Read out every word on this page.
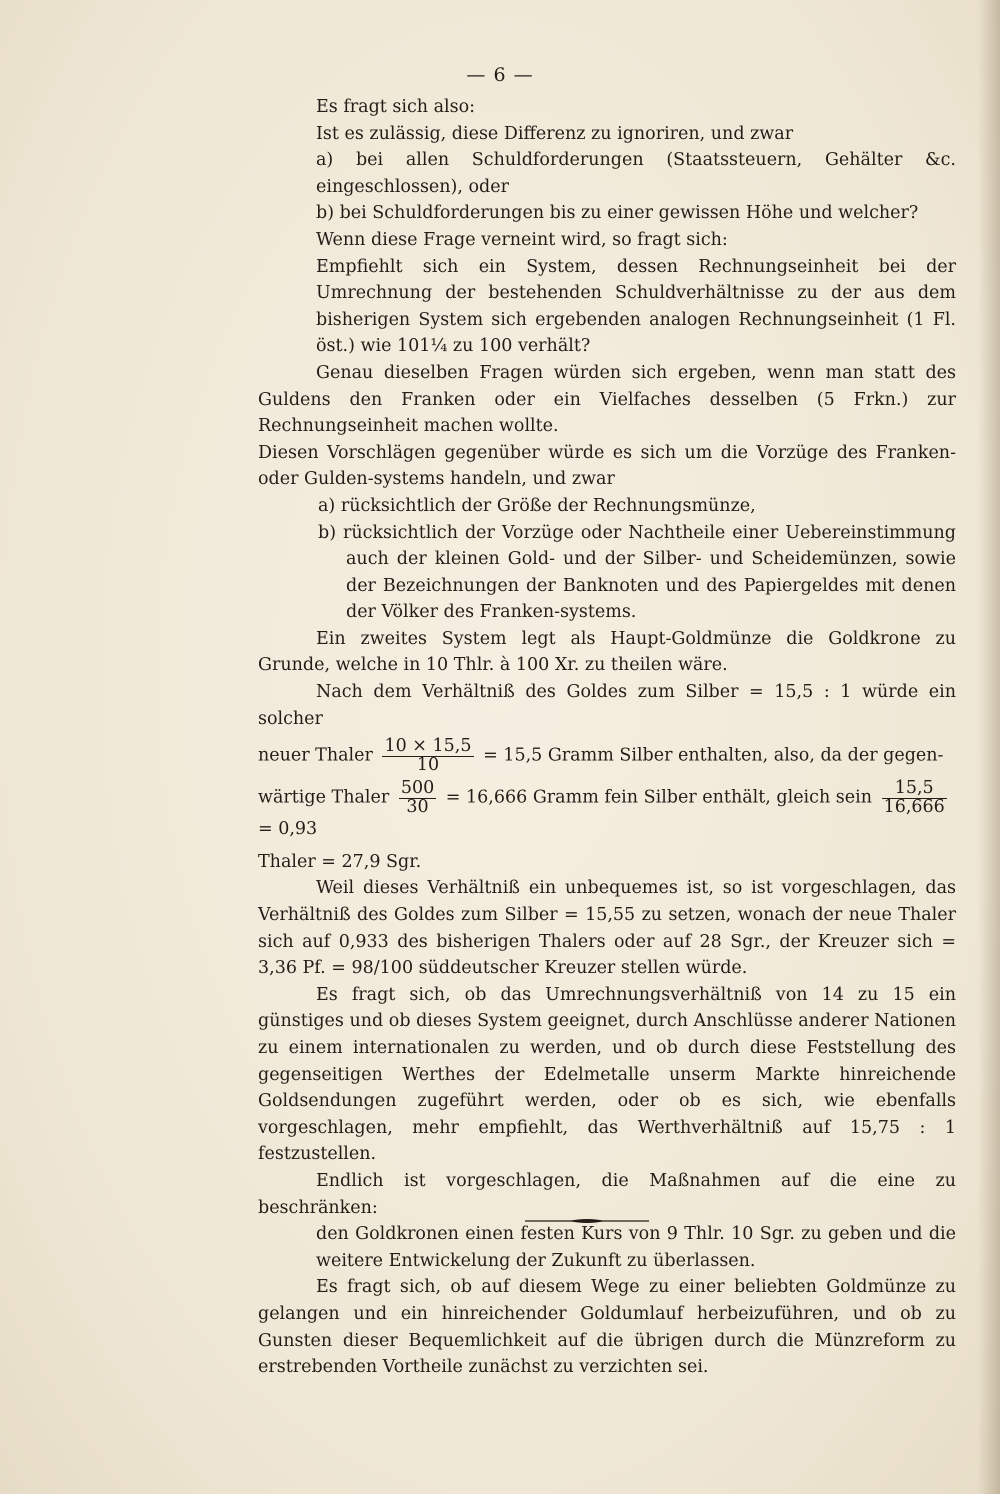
— 6 —

Es fragt sich also:

Ist es zulässig, diese Differenz zu ignoriren, und zwar

a) bei allen Schuldforderungen (Staatssteuern, Gehälter &c. eingeschlossen), oder

b) bei Schuldforderungen bis zu einer gewissen Höhe und welcher?

Wenn diese Frage verneint wird, so fragt sich:

Empfiehlt sich ein System, dessen Rechnungseinheit bei der Umrechnung der bestehenden Schuldverhältnisse zu der aus dem bisherigen System sich ergebenden analogen Rechnungseinheit (1 Fl. öst.) wie 101¼ zu 100 verhält?

Genau dieselben Fragen würden sich ergeben, wenn man statt des Guldens den Franken oder ein Vielfaches desselben (5 Frkn.) zur Rechnungseinheit machen wollte.

Diesen Vorschlägen gegenüber würde es sich um die Vorzüge des Franken- oder Gulden-systems handeln, und zwar

a) rücksichtlich der Größe der Rechnungsmünze,

b) rücksichtlich der Vorzüge oder Nachtheile einer Uebereinstimmung auch der kleinen Gold- und der Silber- und Scheidemünzen, sowie der Bezeichnungen der Banknoten und des Papiergeldes mit denen der Völker des Franken-systems.

Ein zweites System legt als Haupt-Goldmünze die Goldkrone zu Grunde, welche in 10 Thlr. à 100 Xr. zu theilen wäre.

Nach dem Verhältniß des Goldes zum Silber = 15,5 : 1 würde ein solcher

neuer Thaler $\frac{10 \times 15,5}{10} = 15,5$ Gramm Silber enthalten, also, da der gegen-
wärtige Thaler $\frac{500}{30} = 16,666$ Gramm fein Silber enthält, gleich sein $\frac{15,5}{16,666}$
= 0,93

Thaler = 27,9 Sgr.

Weil dieses Verhältniß ein unbequemes ist, so ist vorgeschlagen, das Verhältniß des Goldes zum Silber = 15,55 zu setzen, wonach der neue Thaler sich auf 0,933 des bisherigen Thalers oder auf 28 Sgr., der Kreuzer sich = 3,36 Pf. = 98/100 süddeutscher Kreuzer stellen würde.

Es fragt sich, ob das Umrechnungsverhältniß von 14 zu 15 ein günstiges und ob dieses System geeignet, durch Anschlüsse anderer Nationen zu einem internationalen zu werden, und ob durch diese Feststellung des gegenseitigen Werthes der Edelmetalle unserm Markte hinreichende Goldsendungen zugeführt werden, oder ob es sich, wie ebenfalls vorgeschlagen, mehr empfiehlt, das Werthverhältniß auf 15,75 : 1 festzustellen.

Endlich ist vorgeschlagen, die Maßnahmen auf die eine zu beschränken:

den Goldkronen einen festen Kurs von 9 Thlr. 10 Sgr. zu geben und die weitere Entwickelung der Zukunft zu überlassen.

Es fragt sich, ob auf diesem Wege zu einer beliebten Goldmünze zu gelangen und ein hinreichender Goldumlauf herbeizuführen, und ob zu Gunsten dieser Bequemlichkeit auf die übrigen durch die Münzreform zu erstrebenden Vortheile zunächst zu verzichten sei.
